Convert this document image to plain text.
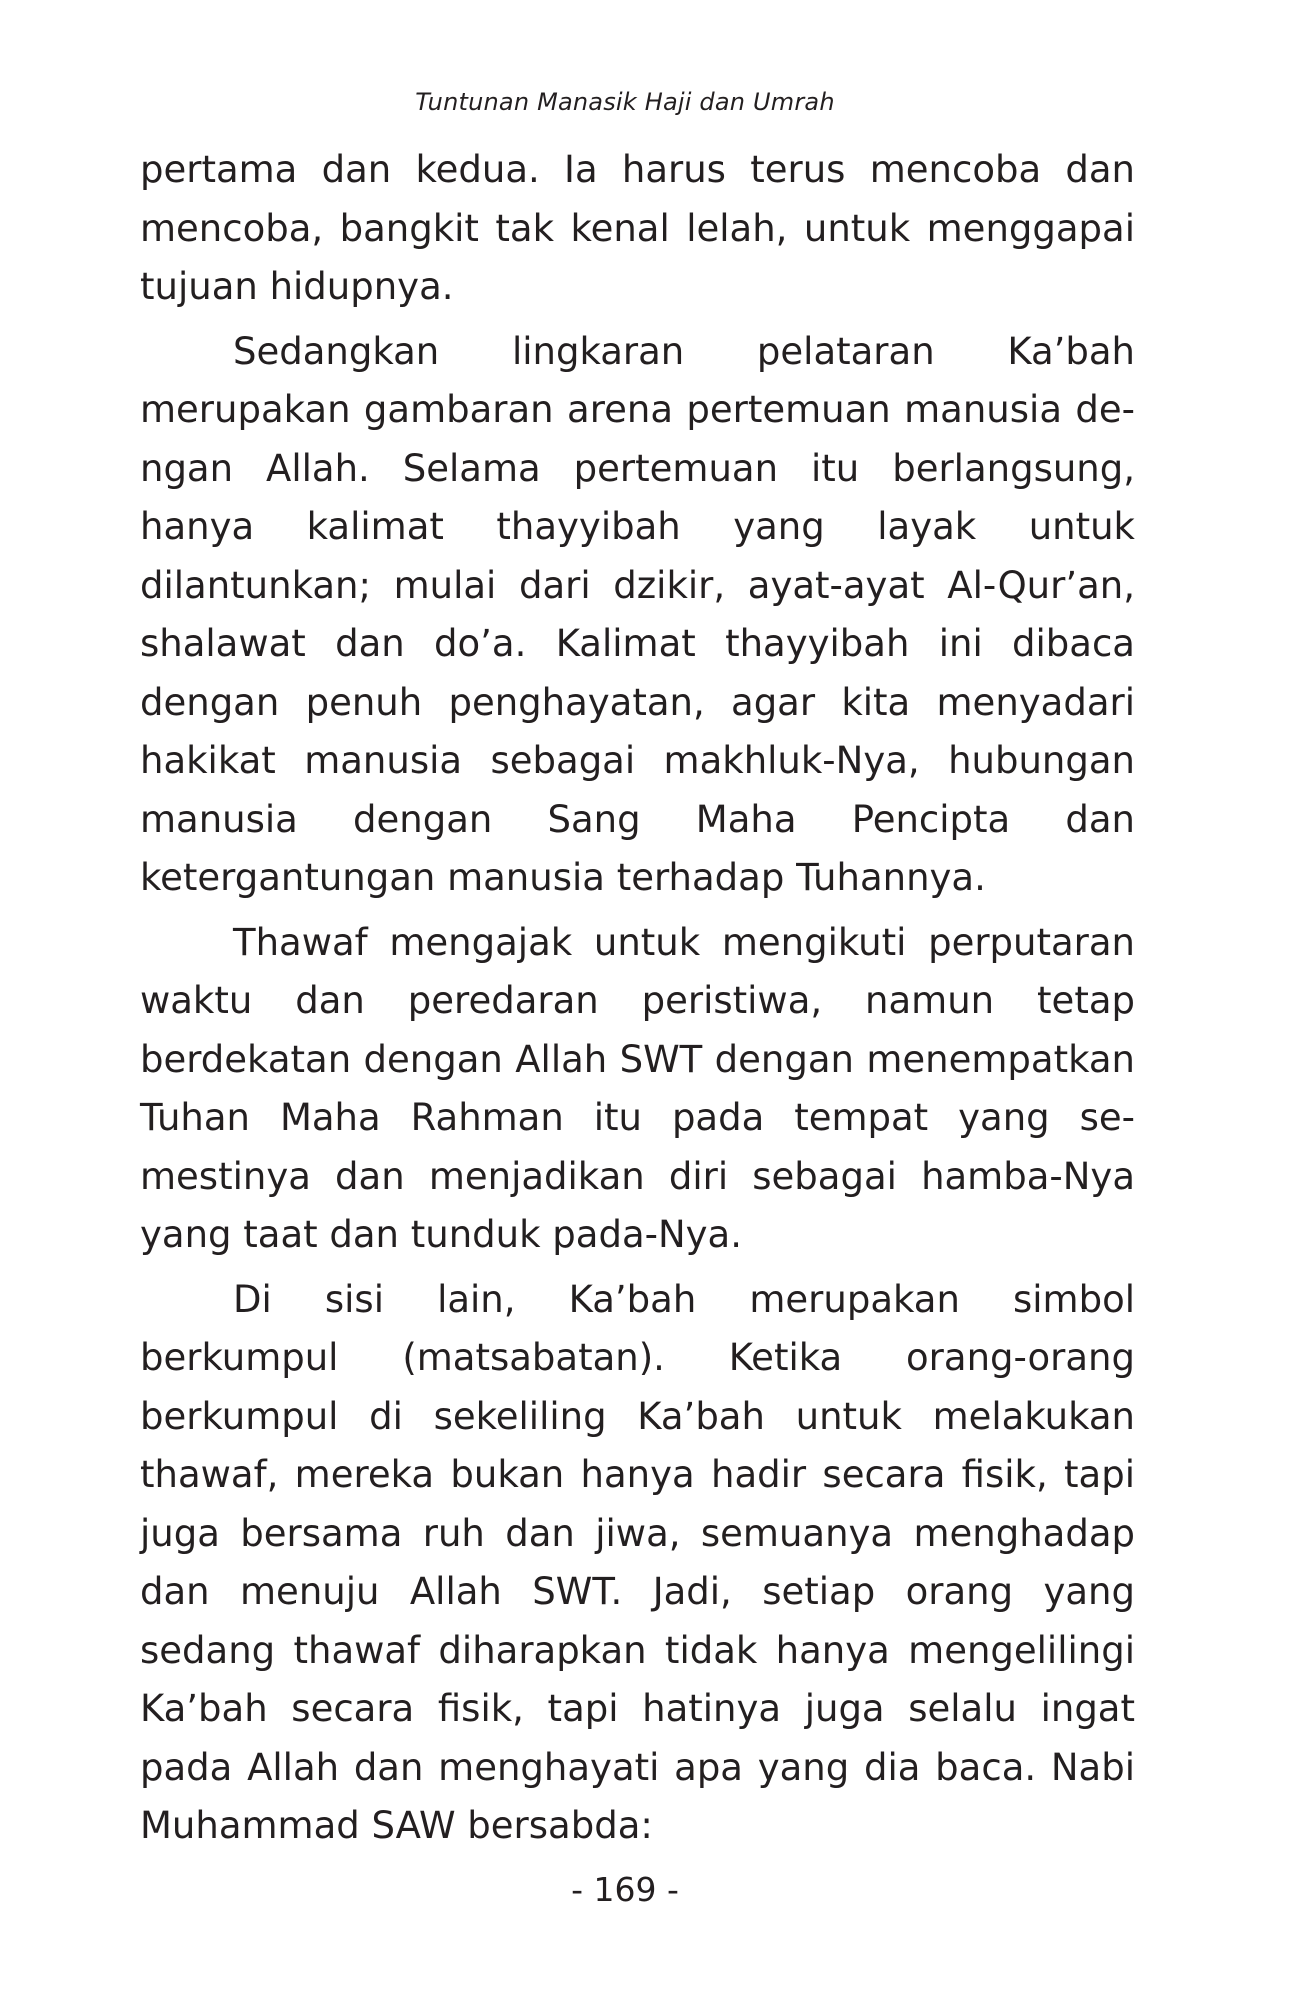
Tuntunan Manasik Haji dan Umrah

pertama dan kedua. Ia harus terus mencoba dan mencoba, bangkit tak kenal lelah, untuk menggapai tujuan hidupnya.

Sedangkan lingkaran pelataran Ka’bah merupakan gambaran arena pertemuan manusia dengan Allah. Selama pertemuan itu berlangsung, hanya kalimat thayyibah yang layak untuk dilantunkan; mulai dari dzikir, ayat-ayat Al-Qur’an, shalawat dan do’a. Kalimat thayyibah ini dibaca dengan penuh penghayatan, agar kita menyadari hakikat manusia sebagai makhluk-Nya, hubungan manusia dengan Sang Maha Pencipta dan ketergantungan manusia terhadap Tuhannya.

Thawaf mengajak untuk mengikuti perputaran waktu dan peredaran peristiwa, namun tetap berdekatan dengan Allah SWT dengan menempatkan Tuhan Maha Rahman itu pada tempat yang semestinya dan menjadikan diri sebagai hamba-Nya yang taat dan tunduk pada-Nya.

Di sisi lain, Ka’bah merupakan simbol berkumpul (matsabatan). Ketika orang-orang berkumpul di sekeliling Ka’bah untuk melakukan thawaf, mereka bukan hanya hadir secara fisik, tapi juga bersama ruh dan jiwa, semuanya menghadap dan menuju Allah SWT. Jadi, setiap orang yang sedang thawaf diharapkan tidak hanya mengelilingi Ka’bah secara fisik, tapi hatinya juga selalu ingat pada Allah dan menghayati apa yang dia baca. Nabi Muhammad SAW bersabda:

- 169 -
